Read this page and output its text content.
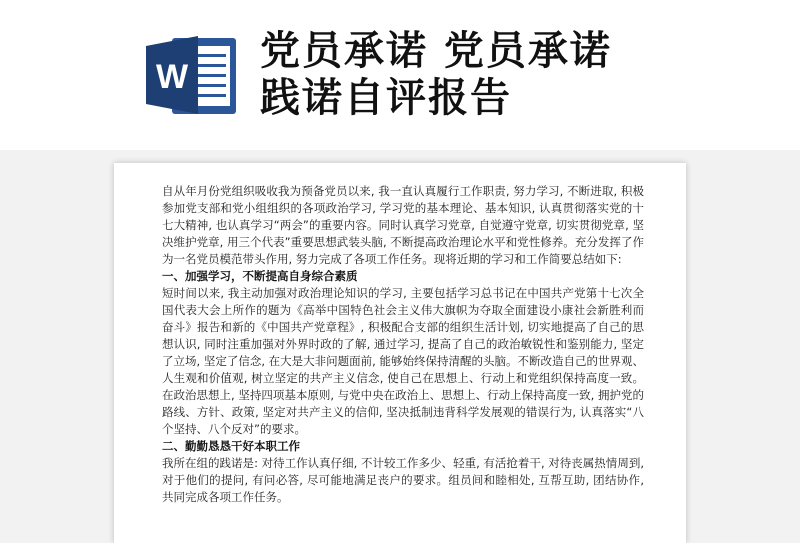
W
党员承诺 党员承诺
践诺自评报告

自从年月份党组织吸收我为预备党员以来, 我一直认真履行工作职责, 努力学习, 不断进取, 积极参加党支部和党小组组织的各项政治学习, 学习党的基本理论、基本知识, 认真贯彻落实党的十七大精神, 也认真学习“两会”的重要内容。同时认真学习党章, 自觉遵守党章, 切实贯彻党章, 坚决维护党章, 用三个代表”重要思想武装头脑, 不断提高政治理论水平和党性修养。充分发挥了作为一名党员模范带头作用, 努力完成了各项工作任务。现将近期的学习和工作简要总结如下:

一、加强学习，不断提高自身综合素质

短时间以来, 我主动加强对政治理论知识的学习, 主要包括学习总书记在中国共产党第十七次全国代表大会上所作的题为《高举中国特色社会主义伟大旗帜为夺取全面建设小康社会新胜利而奋斗》报告和新的《中国共产党章程》, 积极配合支部的组织生活计划, 切实地提高了自己的思想认识, 同时注重加强对外界时政的了解, 通过学习, 提高了自己的政治敏锐性和鉴别能力, 坚定了立场, 坚定了信念, 在大是大非问题面前, 能够始终保持清醒的头脑。不断改造自己的世界观、人生观和价值观, 树立坚定的共产主义信念, 使自己在思想上、行动上和党组织保持高度一致。在政治思想上, 坚持四项基本原则, 与党中央在政治上、思想上、行动上保持高度一致, 拥护党的路线、方针、政策, 坚定对共产主义的信仰, 坚决抵制违背科学发展观的错误行为, 认真落实“八个坚持、八个反对”的要求。

二、勤勤恳恳干好本职工作

我所在组的践诺是: 对待工作认真仔细, 不计较工作多少、轻重, 有活抢着干, 对待丧属热情周到, 对于他们的提问, 有问必答, 尽可能地满足丧户的要求。组员间和睦相处, 互帮互助, 团结协作, 共同完成各项工作任务。
